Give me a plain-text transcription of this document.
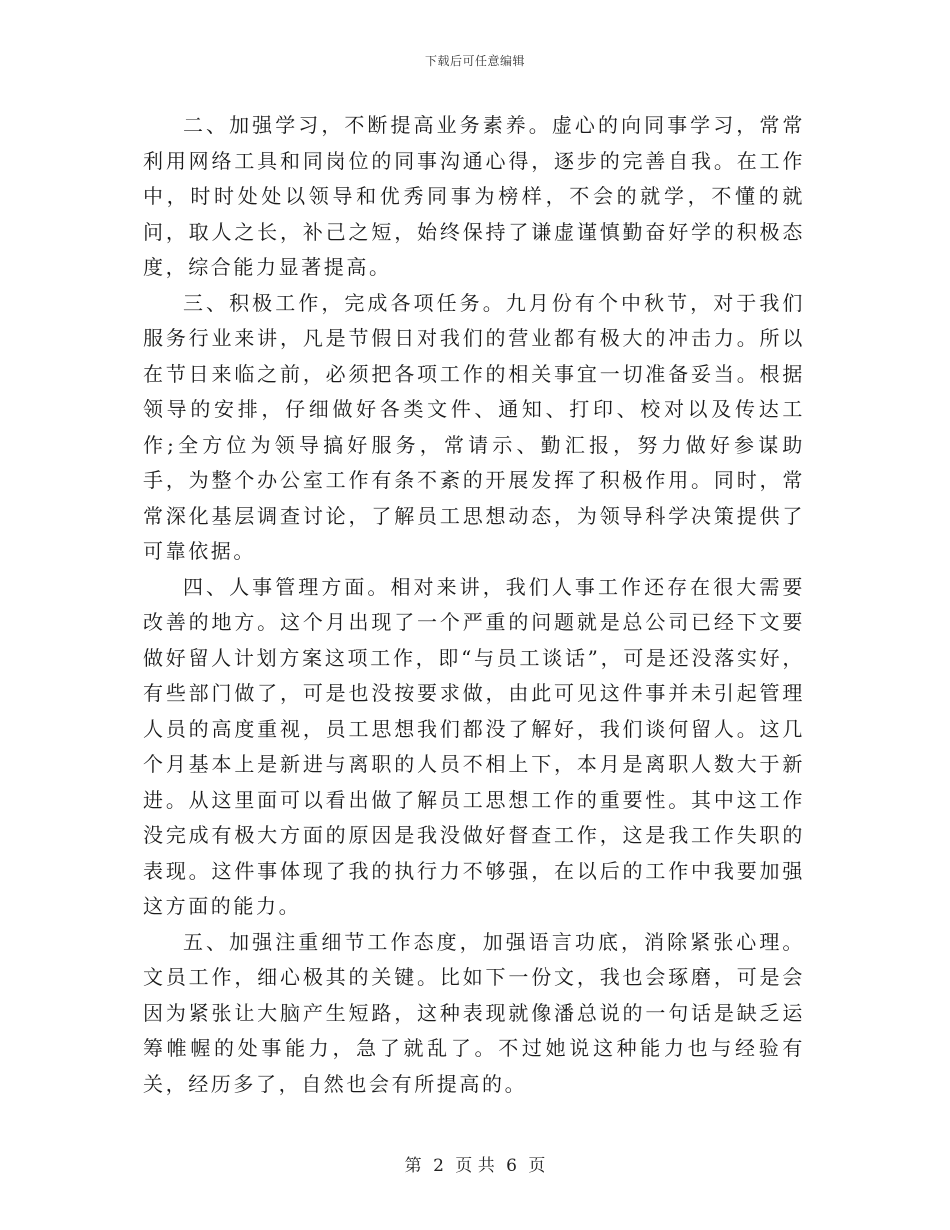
下载后可任意编辑

二、加强学习，不断提高业务素养。虚心的向同事学习，常常利用网络工具和同岗位的同事沟通心得，逐步的完善自我。在工作中，时时处处以领导和优秀同事为榜样，不会的就学，不懂的就问，取人之长，补己之短，始终保持了谦虚谨慎勤奋好学的积极态度，综合能力显著提高。

三、积极工作，完成各项任务。九月份有个中秋节，对于我们服务行业来讲，凡是节假日对我们的营业都有极大的冲击力。所以在节日来临之前，必须把各项工作的相关事宜一切准备妥当。根据领导的安排，仔细做好各类文件、通知、打印、校对以及传达工作;全方位为领导搞好服务，常请示、勤汇报，努力做好参谋助手，为整个办公室工作有条不紊的开展发挥了积极作用。同时，常常深化基层调查讨论，了解员工思想动态，为领导科学决策提供了可靠依据。

四、人事管理方面。相对来讲，我们人事工作还存在很大需要改善的地方。这个月出现了一个严重的问题就是总公司已经下文要做好留人计划方案这项工作，即“与员工谈话”，可是还没落实好，有些部门做了，可是也没按要求做，由此可见这件事并未引起管理人员的高度重视，员工思想我们都没了解好，我们谈何留人。这几个月基本上是新进与离职的人员不相上下，本月是离职人数大于新进。从这里面可以看出做了解员工思想工作的重要性。其中这工作没完成有极大方面的原因是我没做好督查工作，这是我工作失职的表现。这件事体现了我的执行力不够强，在以后的工作中我要加强这方面的能力。

五、加强注重细节工作态度，加强语言功底，消除紧张心理。文员工作，细心极其的关键。比如下一份文，我也会琢磨，可是会因为紧张让大脑产生短路，这种表现就像潘总说的一句话是缺乏运筹帷幄的处事能力，急了就乱了。不过她说这种能力也与经验有关，经历多了，自然也会有所提高的。

第 2 页 共 6 页
